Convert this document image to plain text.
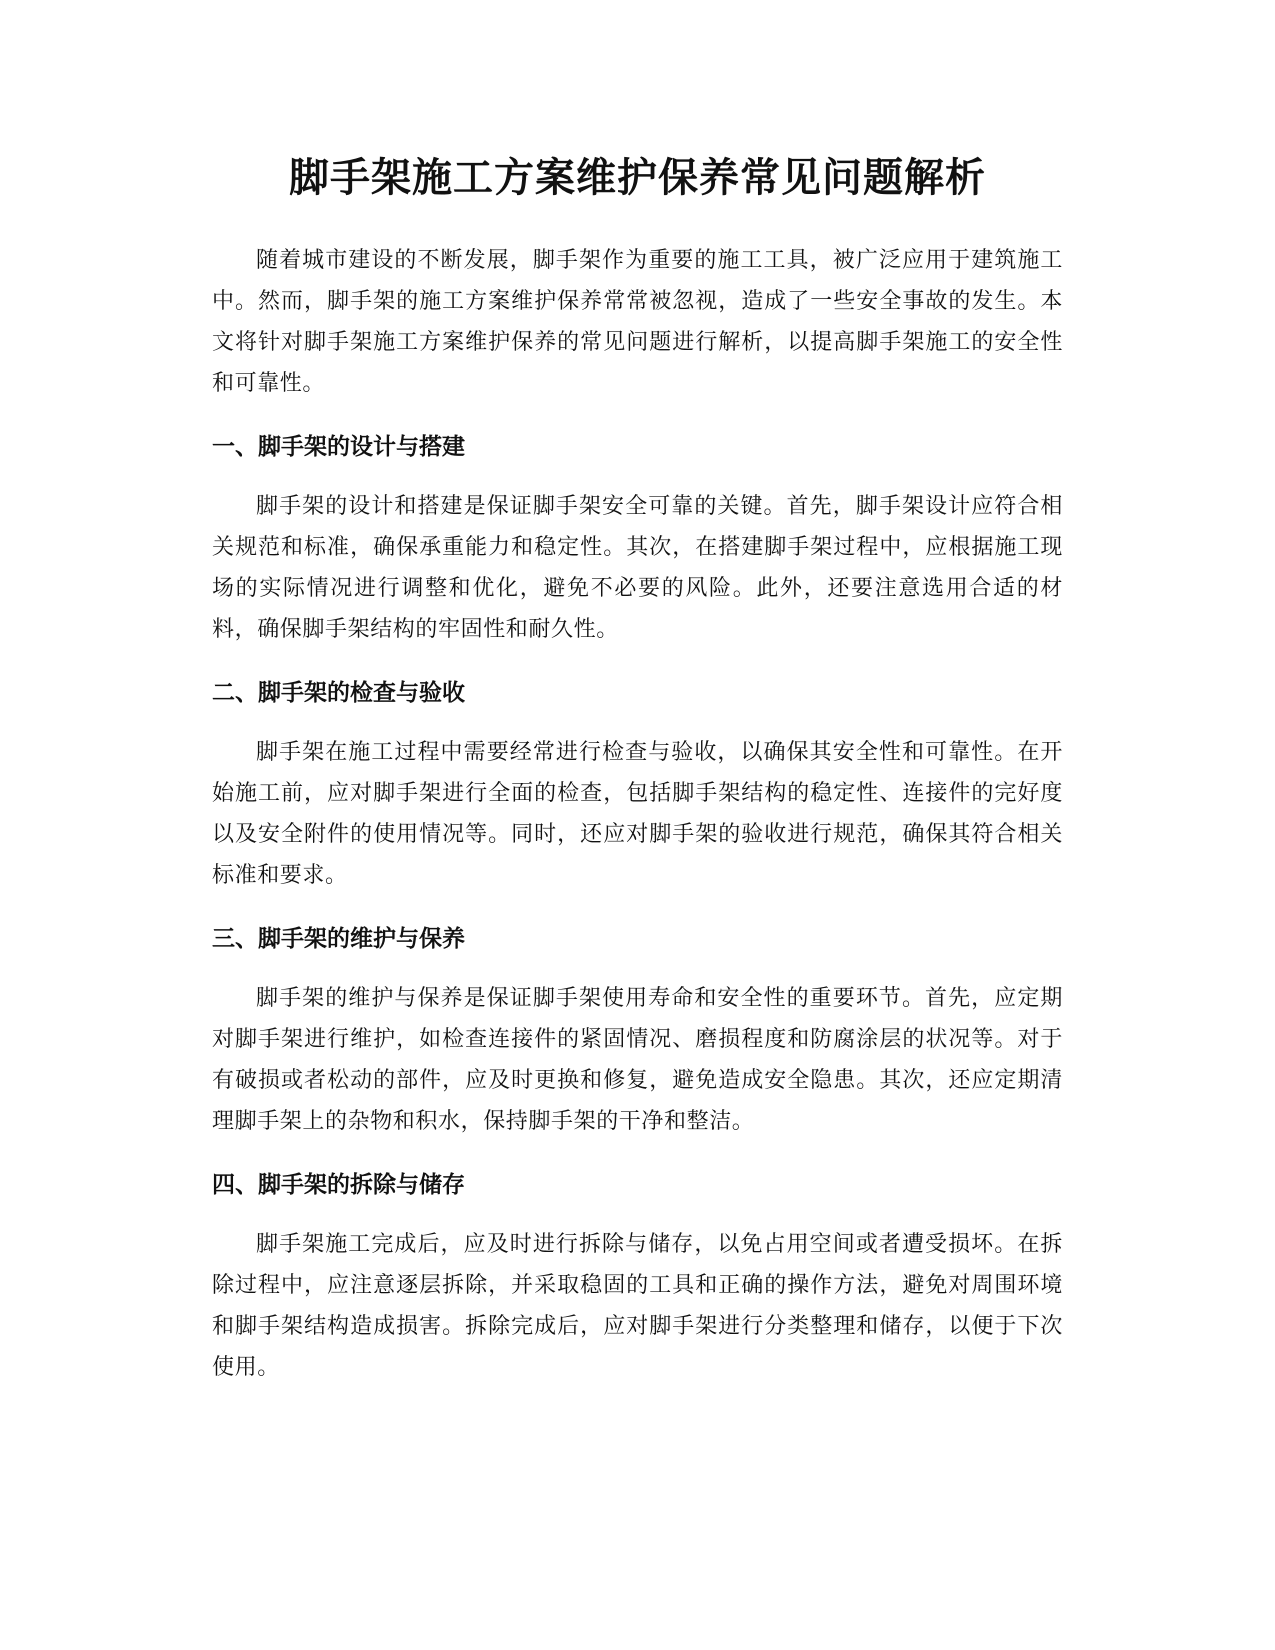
脚手架施工方案维护保养常见问题解析

随着城市建设的不断发展，脚手架作为重要的施工工具，被广泛应用于建筑施工中。然而，脚手架的施工方案维护保养常常被忽视，造成了一些安全事故的发生。本文将针对脚手架施工方案维护保养的常见问题进行解析，以提高脚手架施工的安全性和可靠性。

一、脚手架的设计与搭建

脚手架的设计和搭建是保证脚手架安全可靠的关键。首先，脚手架设计应符合相关规范和标准，确保承重能力和稳定性。其次，在搭建脚手架过程中，应根据施工现场的实际情况进行调整和优化，避免不必要的风险。此外，还要注意选用合适的材料，确保脚手架结构的牢固性和耐久性。

二、脚手架的检查与验收

脚手架在施工过程中需要经常进行检查与验收，以确保其安全性和可靠性。在开始施工前，应对脚手架进行全面的检查，包括脚手架结构的稳定性、连接件的完好度以及安全附件的使用情况等。同时，还应对脚手架的验收进行规范，确保其符合相关标准和要求。

三、脚手架的维护与保养

脚手架的维护与保养是保证脚手架使用寿命和安全性的重要环节。首先，应定期对脚手架进行维护，如检查连接件的紧固情况、磨损程度和防腐涂层的状况等。对于有破损或者松动的部件，应及时更换和修复，避免造成安全隐患。其次，还应定期清理脚手架上的杂物和积水，保持脚手架的干净和整洁。

四、脚手架的拆除与储存

脚手架施工完成后，应及时进行拆除与储存，以免占用空间或者遭受损坏。在拆除过程中，应注意逐层拆除，并采取稳固的工具和正确的操作方法，避免对周围环境和脚手架结构造成损害。拆除完成后，应对脚手架进行分类整理和储存，以便于下次使用。
